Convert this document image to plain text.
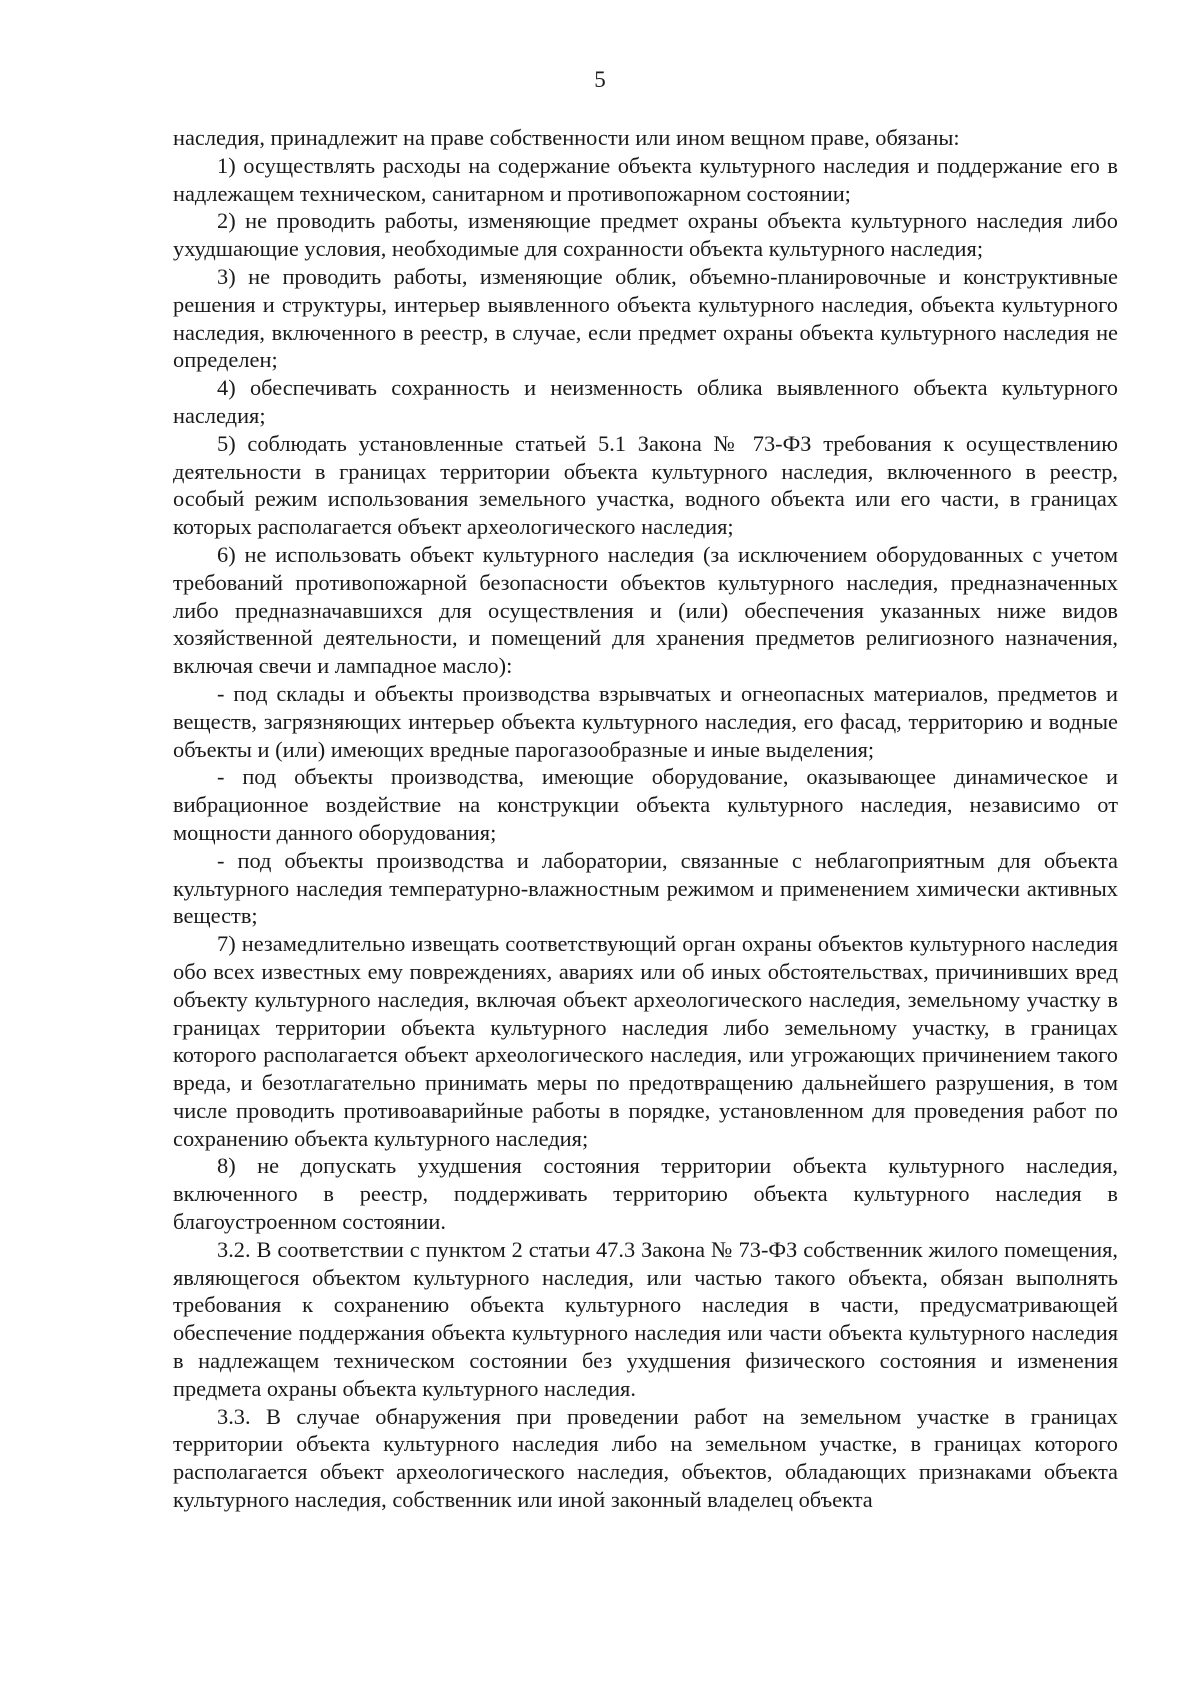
5

наследия, принадлежит на праве собственности или ином вещном праве, обязаны:

1) осуществлять расходы на содержание объекта культурного наследия и поддержание его в надлежащем техническом, санитарном и противопожарном состоянии;

2) не проводить работы, изменяющие предмет охраны объекта культурного наследия либо ухудшающие условия, необходимые для сохранности объекта культурного наследия;

3) не проводить работы, изменяющие облик, объемно-планировочные и конструктивные решения и структуры, интерьер выявленного объекта культурного наследия, объекта культурного наследия, включенного в реестр, в случае, если предмет охраны объекта культурного наследия не определен;

4) обеспечивать сохранность и неизменность облика выявленного объекта культурного наследия;

5) соблюдать установленные статьей 5.1 Закона № 73-ФЗ требования к осуществлению деятельности в границах территории объекта культурного наследия, включенного в реестр, особый режим использования земельного участка, водного объекта или его части, в границах которых располагается объект археологического наследия;

6) не использовать объект культурного наследия (за исключением оборудованных с учетом требований противопожарной безопасности объектов культурного наследия, предназначенных либо предназначавшихся для осуществления и (или) обеспечения указанных ниже видов хозяйственной деятельности, и помещений для хранения предметов религиозного назначения, включая свечи и лампадное масло):

- под склады и объекты производства взрывчатых и огнеопасных материалов, предметов и веществ, загрязняющих интерьер объекта культурного наследия, его фасад, территорию и водные объекты и (или) имеющих вредные парогазообразные и иные выделения;

- под объекты производства, имеющие оборудование, оказывающее динамическое и вибрационное воздействие на конструкции объекта культурного наследия, независимо от мощности данного оборудования;

- под объекты производства и лаборатории, связанные с неблагоприятным для объекта культурного наследия температурно-влажностным режимом и применением химически активных веществ;

7) незамедлительно извещать соответствующий орган охраны объектов культурного наследия обо всех известных ему повреждениях, авариях или об иных обстоятельствах, причинивших вред объекту культурного наследия, включая объект археологического наследия, земельному участку в границах территории объекта культурного наследия либо земельному участку, в границах которого располагается объект археологического наследия, или угрожающих причинением такого вреда, и безотлагательно принимать меры по предотвращению дальнейшего разрушения, в том числе проводить противоаварийные работы в порядке, установленном для проведения работ по сохранению объекта культурного наследия;

8) не допускать ухудшения состояния территории объекта культурного наследия, включенного в реестр, поддерживать территорию объекта культурного наследия в благоустроенном состоянии.

3.2. В соответствии с пунктом 2 статьи 47.3 Закона № 73-ФЗ собственник жилого помещения, являющегося объектом культурного наследия, или частью такого объекта, обязан выполнять требования к сохранению объекта культурного наследия в части, предусматривающей обеспечение поддержания объекта культурного наследия или части объекта культурного наследия в надлежащем техническом состоянии без ухудшения физического состояния и изменения предмета охраны объекта культурного наследия.

3.3. В случае обнаружения при проведении работ на земельном участке в границах территории объекта культурного наследия либо на земельном участке, в границах которого располагается объект археологического наследия, объектов, обладающих признаками объекта культурного наследия, собственник или иной законный владелец объекта
